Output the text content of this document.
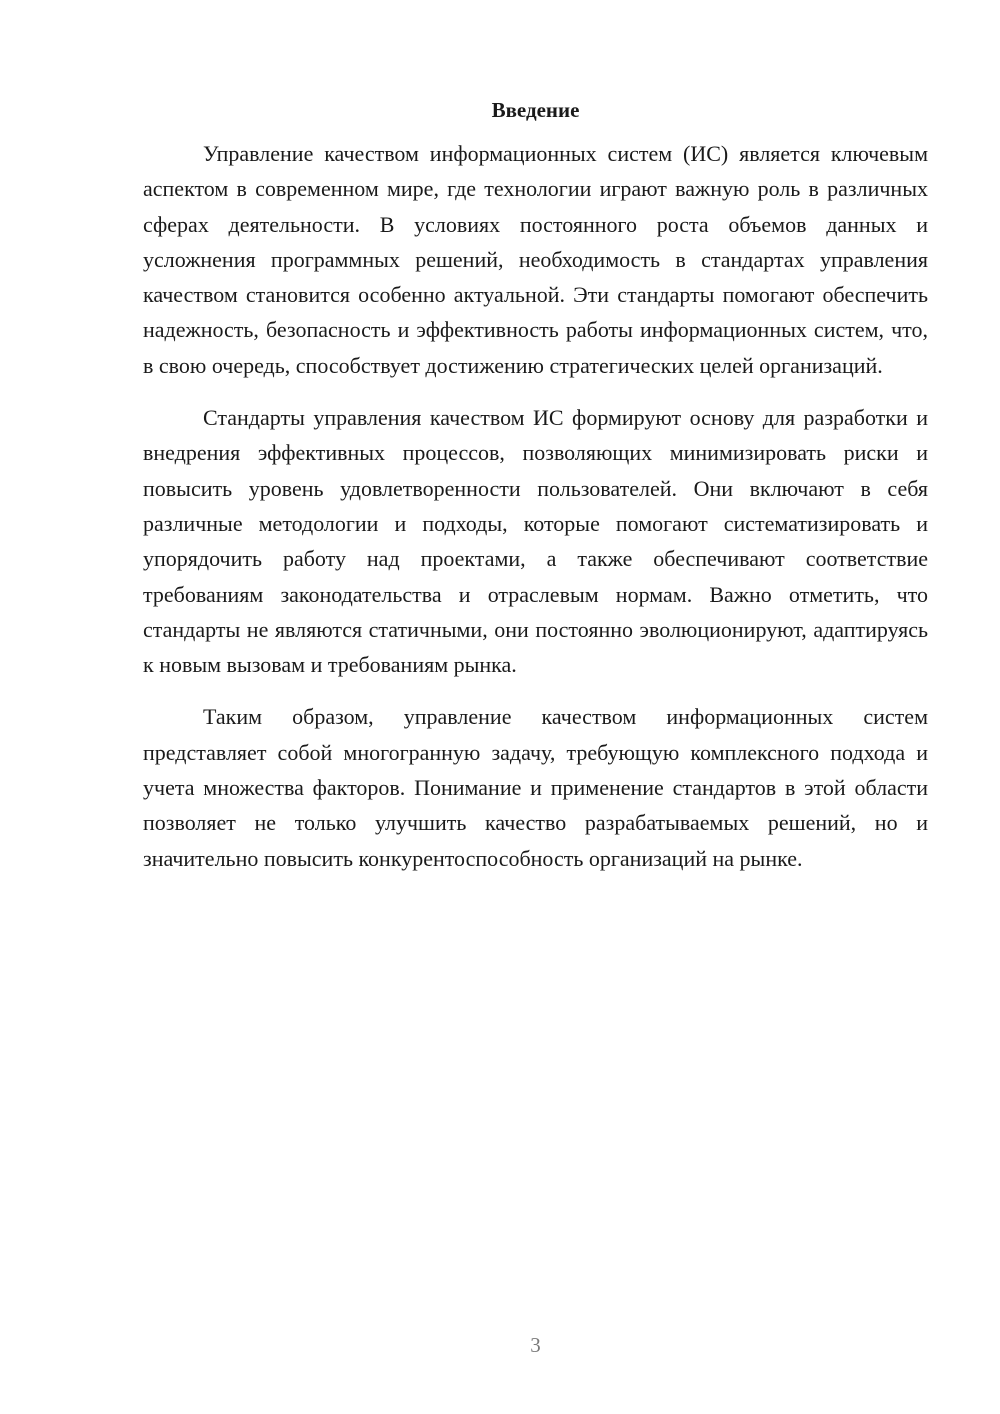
Введение

Управление качеством информационных систем (ИС) является ключевым аспектом в современном мире, где технологии играют важную роль в различных сферах деятельности. В условиях постоянного роста объемов данных и усложнения программных решений, необходимость в стандартах управления качеством становится особенно актуальной. Эти стандарты помогают обеспечить надежность, безопасность и эффективность работы информационных систем, что, в свою очередь, способствует достижению стратегических целей организаций.

Стандарты управления качеством ИС формируют основу для разработки и внедрения эффективных процессов, позволяющих минимизировать риски и повысить уровень удовлетворенности пользователей. Они включают в себя различные методологии и подходы, которые помогают систематизировать и упорядочить работу над проектами, а также обеспечивают соответствие требованиям законодательства и отраслевым нормам. Важно отметить, что стандарты не являются статичными, они постоянно эволюционируют, адаптируясь к новым вызовам и требованиям рынка.

Таким образом, управление качеством информационных систем представляет собой многогранную задачу, требующую комплексного подхода и учета множества факторов. Понимание и применение стандартов в этой области позволяет не только улучшить качество разрабатываемых решений, но и значительно повысить конкурентоспособность организаций на рынке.

3
